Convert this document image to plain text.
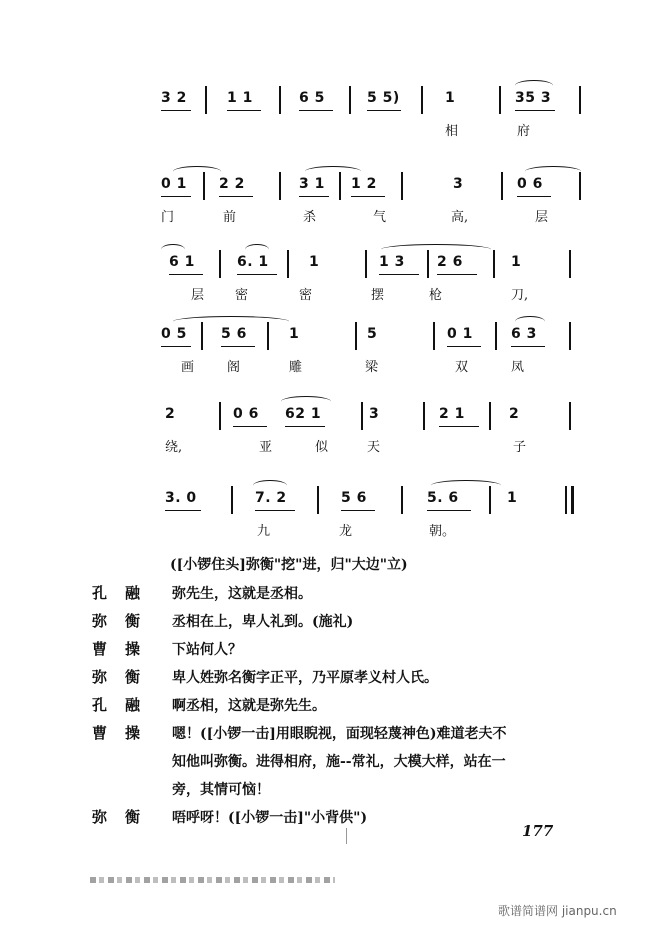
3 2	1 1	6 5	5 5)	1	35 3
相	府
0 1 2 2	3 1 1 2	3	0 6
门	前	杀	气	高,	层
6 1	6. 1	1	1 3 2 6	1
层 密	密	摆	枪	刀,
0 5 5 6	1	5	0 1	6 3
画	阁	雕	梁	双	凤
2	0 6 62 1	3	2 1	2
绕,	亚	似	天	子
3. 0	7. 2	5 6	5. 6	1
九	龙	朝。
([小锣住头]弥衡"挖"进，归"大边"立)
孔融 弥先生，这就是丞相。
弥衡 丞相在上，卑人礼到。(施礼)
曹操 下站何人？
弥衡 卑人姓弥名衡字正平，乃平原孝义村人氏。
孔融 啊丞相，这就是弥先生。
曹操 嗯！([小锣一击]用眼睨视，面现轻蔑神色)难道老夫不
知他叫弥衡。进得相府，施--常礼，大模大样，站在一
旁，其情可恼！
弥衡 唔呼呀！([小锣一击]"小背供")
177
歌谱简谱网 jianpu.cn
